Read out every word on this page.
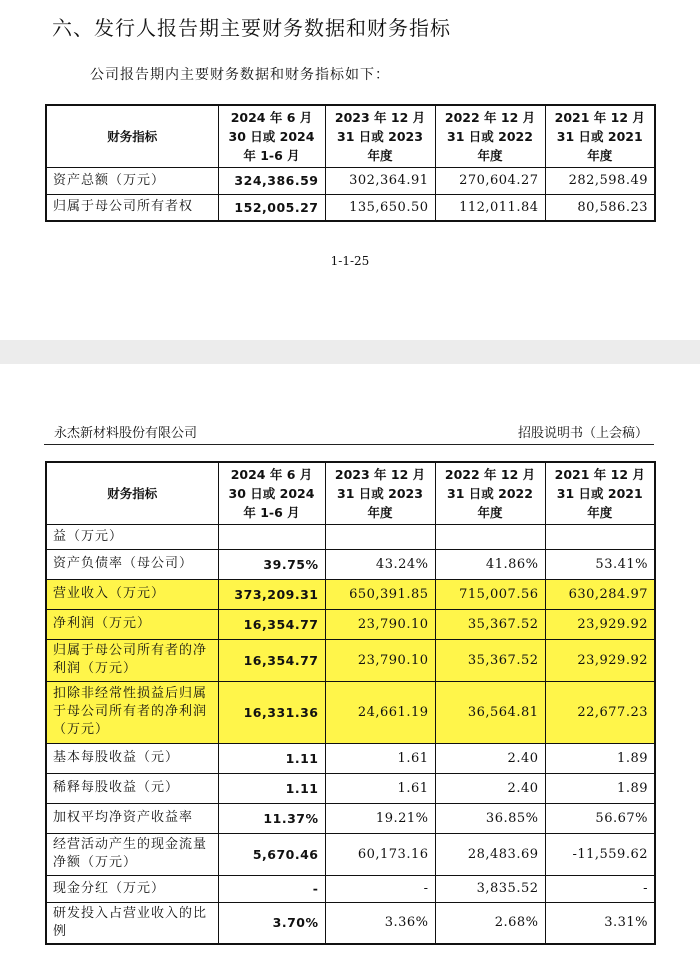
六、发行人报告期主要财务数据和财务指标
公司报告期内主要财务数据和财务指标如下：
财务指标	2024 年 6 月 30 日或 2024 年 1-6 月	2023 年 12 月 31 日或 2023 年度	2022 年 12 月 31 日或 2022 年度	2021 年 12 月 31 日或 2021 年度
资产总额（万元）	324,386.59	302,364.91	270,604.27	282,598.49
归属于母公司所有者权	152,005.27	135,650.50	112,011.84	80,586.23
1-1-25
永杰新材料股份有限公司	招股说明书（上会稿）
财务指标	2024 年 6 月 30 日或 2024 年 1-6 月	2023 年 12 月 31 日或 2023 年度	2022 年 12 月 31 日或 2022 年度	2021 年 12 月 31 日或 2021 年度
益（万元）				
资产负债率（母公司）	39.75%	43.24%	41.86%	53.41%
营业收入（万元）	373,209.31	650,391.85	715,007.56	630,284.97
净利润（万元）	16,354.77	23,790.10	35,367.52	23,929.92
归属于母公司所有者的净利润（万元）	16,354.77	23,790.10	35,367.52	23,929.92
扣除非经常性损益后归属于母公司所有者的净利润（万元）	16,331.36	24,661.19	36,564.81	22,677.23
基本每股收益（元）	1.11	1.61	2.40	1.89
稀释每股收益（元）	1.11	1.61	2.40	1.89
加权平均净资产收益率	11.37%	19.21%	36.85%	56.67%
经营活动产生的现金流量净额（万元）	5,670.46	60,173.16	28,483.69	-11,559.62
现金分红（万元）	-	-	3,835.52	-
研发投入占营业收入的比例	3.70%	3.36%	2.68%	3.31%
